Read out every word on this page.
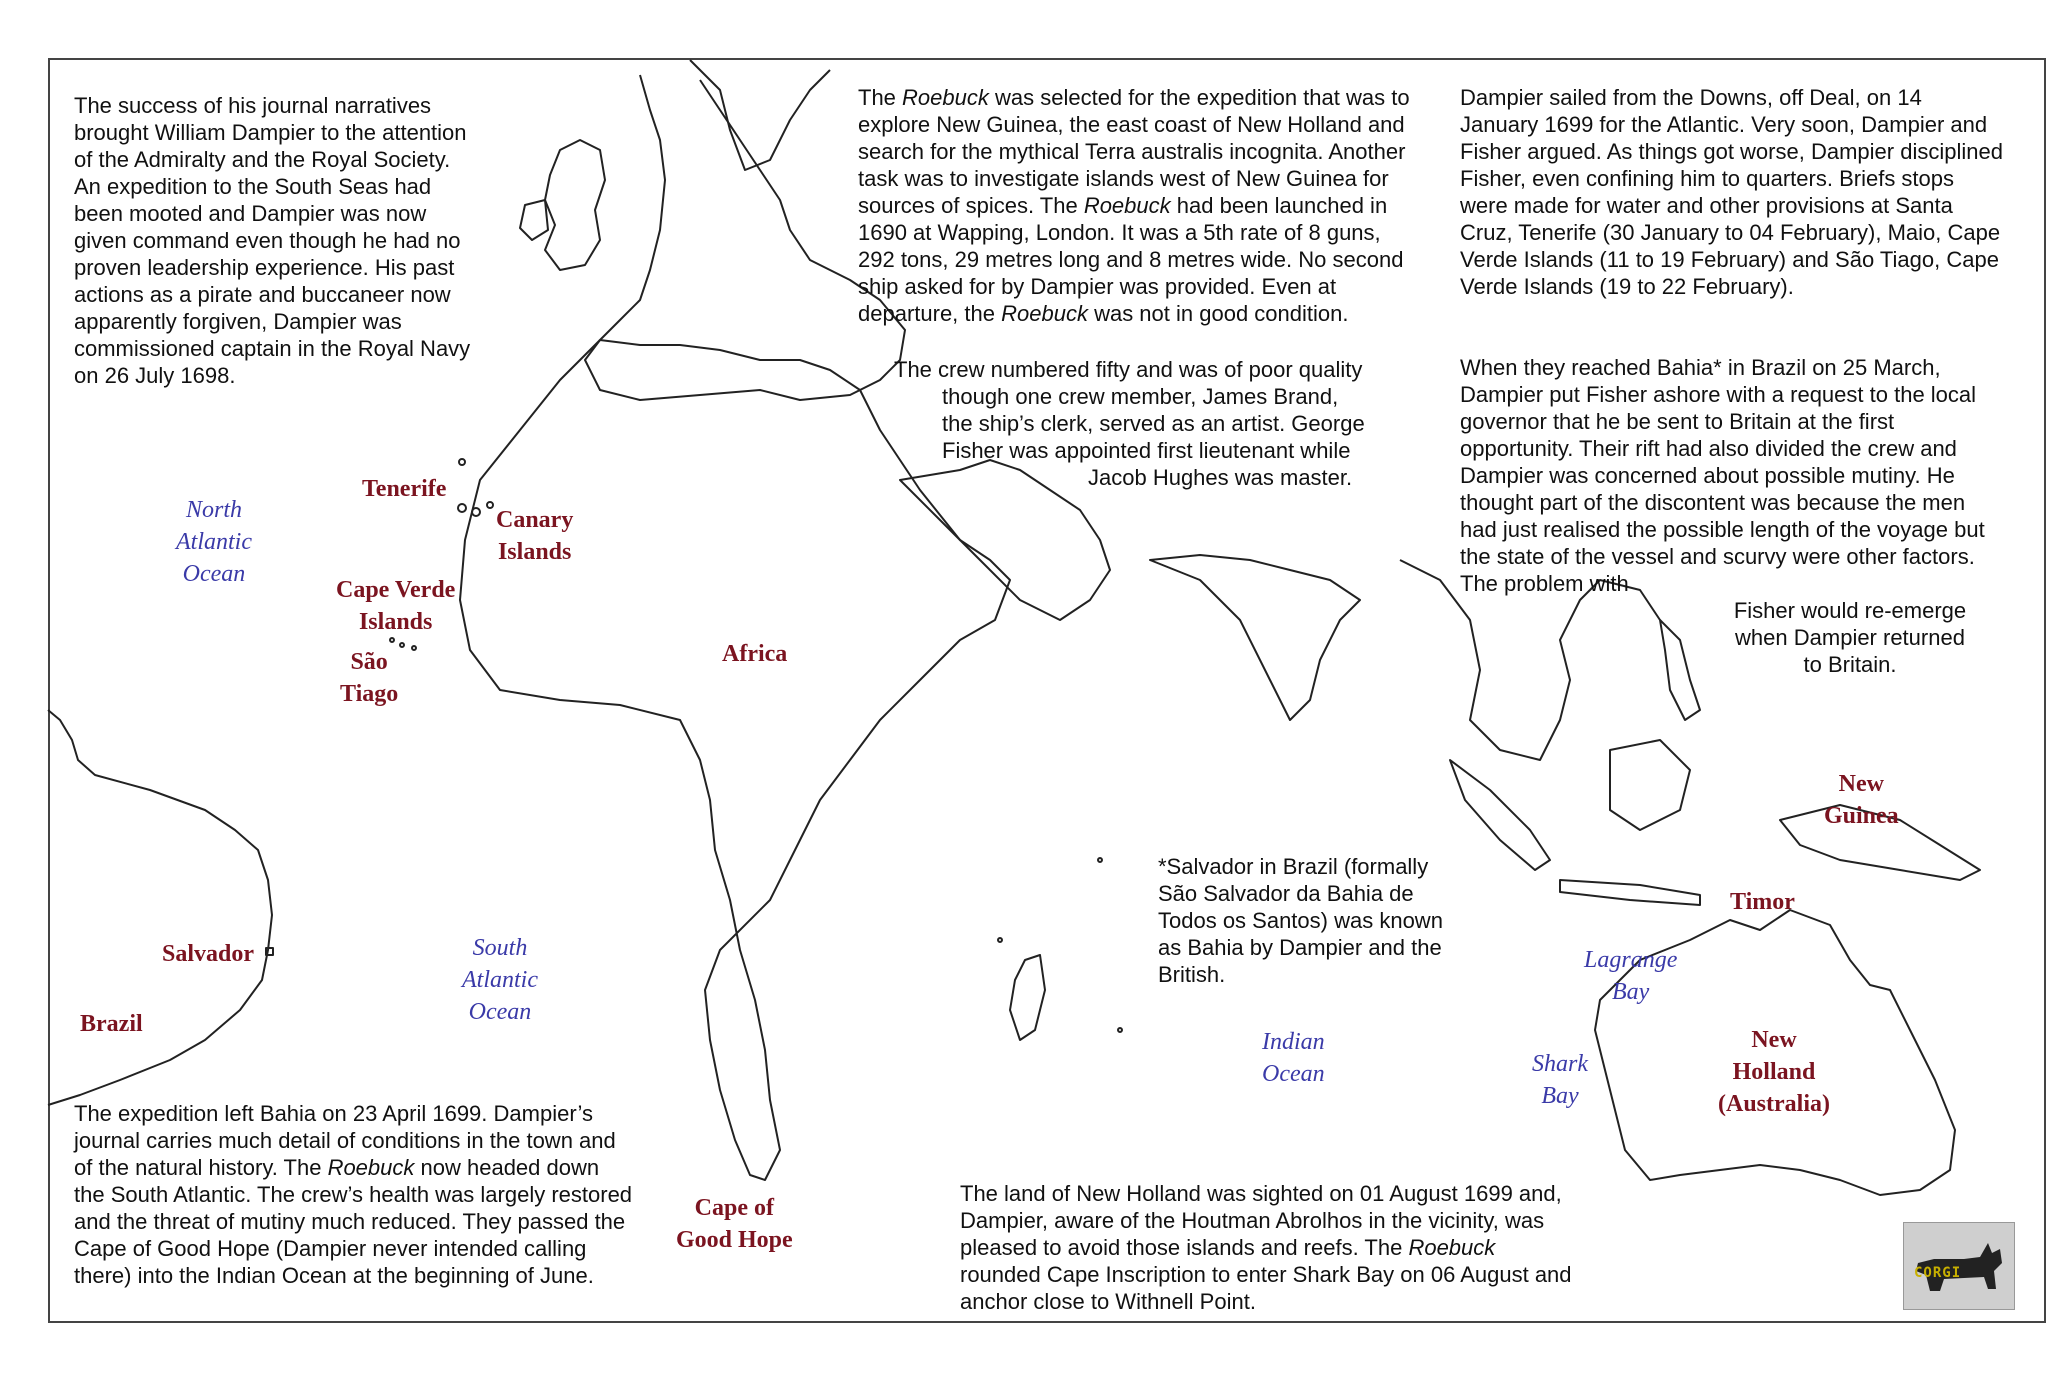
The success of his journal narratives brought William Dampier to the attention of the Admiralty and the Royal Society. An expedition to the South Seas had been mooted and Dampier was now given command even though he had no proven leadership experience. His past actions as a pirate and buccaneer now apparently forgiven, Dampier was commissioned captain in the Royal Navy on 26 July 1698.

The Roebuck was selected for the expedition that was to explore New Guinea, the east coast of New Holland and search for the mythical Terra australis incognita. Another task was to investigate islands west of New Guinea for sources of spices. The Roebuck had been launched in 1690 at Wapping, London. It was a 5th rate of 8 guns, 292 tons, 29 metres long and 8 metres wide. No second ship asked for by Dampier was provided. Even at departure, the Roebuck was not in good condition.

The crew numbered fifty and was of poor quality
though one crew member, James Brand,
the ship’s clerk, served as an artist. George
Fisher was appointed first lieutenant while
Jacob Hughes was master.

Dampier sailed from the Downs, off Deal, on 14 January 1699 for the Atlantic. Very soon, Dampier and Fisher argued. As things got worse, Dampier disciplined Fisher, even confining him to quarters. Briefs stops were made for water and other provisions at Santa Cruz, Tenerife (30 January to 04 February), Maio, Cape Verde Islands (11 to 19 February) and São Tiago, Cape Verde Islands (19 to 22 February).

When they reached Bahia* in Brazil on 25 March, Dampier put Fisher ashore with a request to the local governor that he be sent to Britain at the first opportunity. Their rift had also divided the crew and Dampier was concerned about possible mutiny. He thought part of the discontent was because the men had just realised the possible length of the voyage but the state of the vessel and scurvy were other factors. The problem with

Fisher would re-emerge
when Dampier returned
to Britain.

*Salvador in Brazil (formally São Salvador da Bahia de Todos os Santos) was known as Bahia by Dampier and the British.

The expedition left Bahia on 23 April 1699. Dampier’s journal carries much detail of conditions in the town and of the natural history. The Roebuck now headed down the South Atlantic. The crew’s health was largely restored and the threat of mutiny much reduced. They passed the Cape of Good Hope (Dampier never intended calling there) into the Indian Ocean at the beginning of June.

The land of New Holland was sighted on 01 August 1699 and, Dampier, aware of the Houtman Abrolhos in the vicinity, was pleased to avoid those islands and reefs. The Roebuck rounded Cape Inscription to enter Shark Bay on 06 August and anchor close to Withnell Point.

Tenerife
Canary
Islands
Cape Verde
Islands
São
Tiago
Africa
Salvador
Brazil
Cape of
Good Hope
New
Guinea
Timor
New
Holland
(Australia)
North
Atlantic
Ocean
South
Atlantic
Ocean
Indian
Ocean
Lagrange
Bay
Shark
Bay
CORGI
